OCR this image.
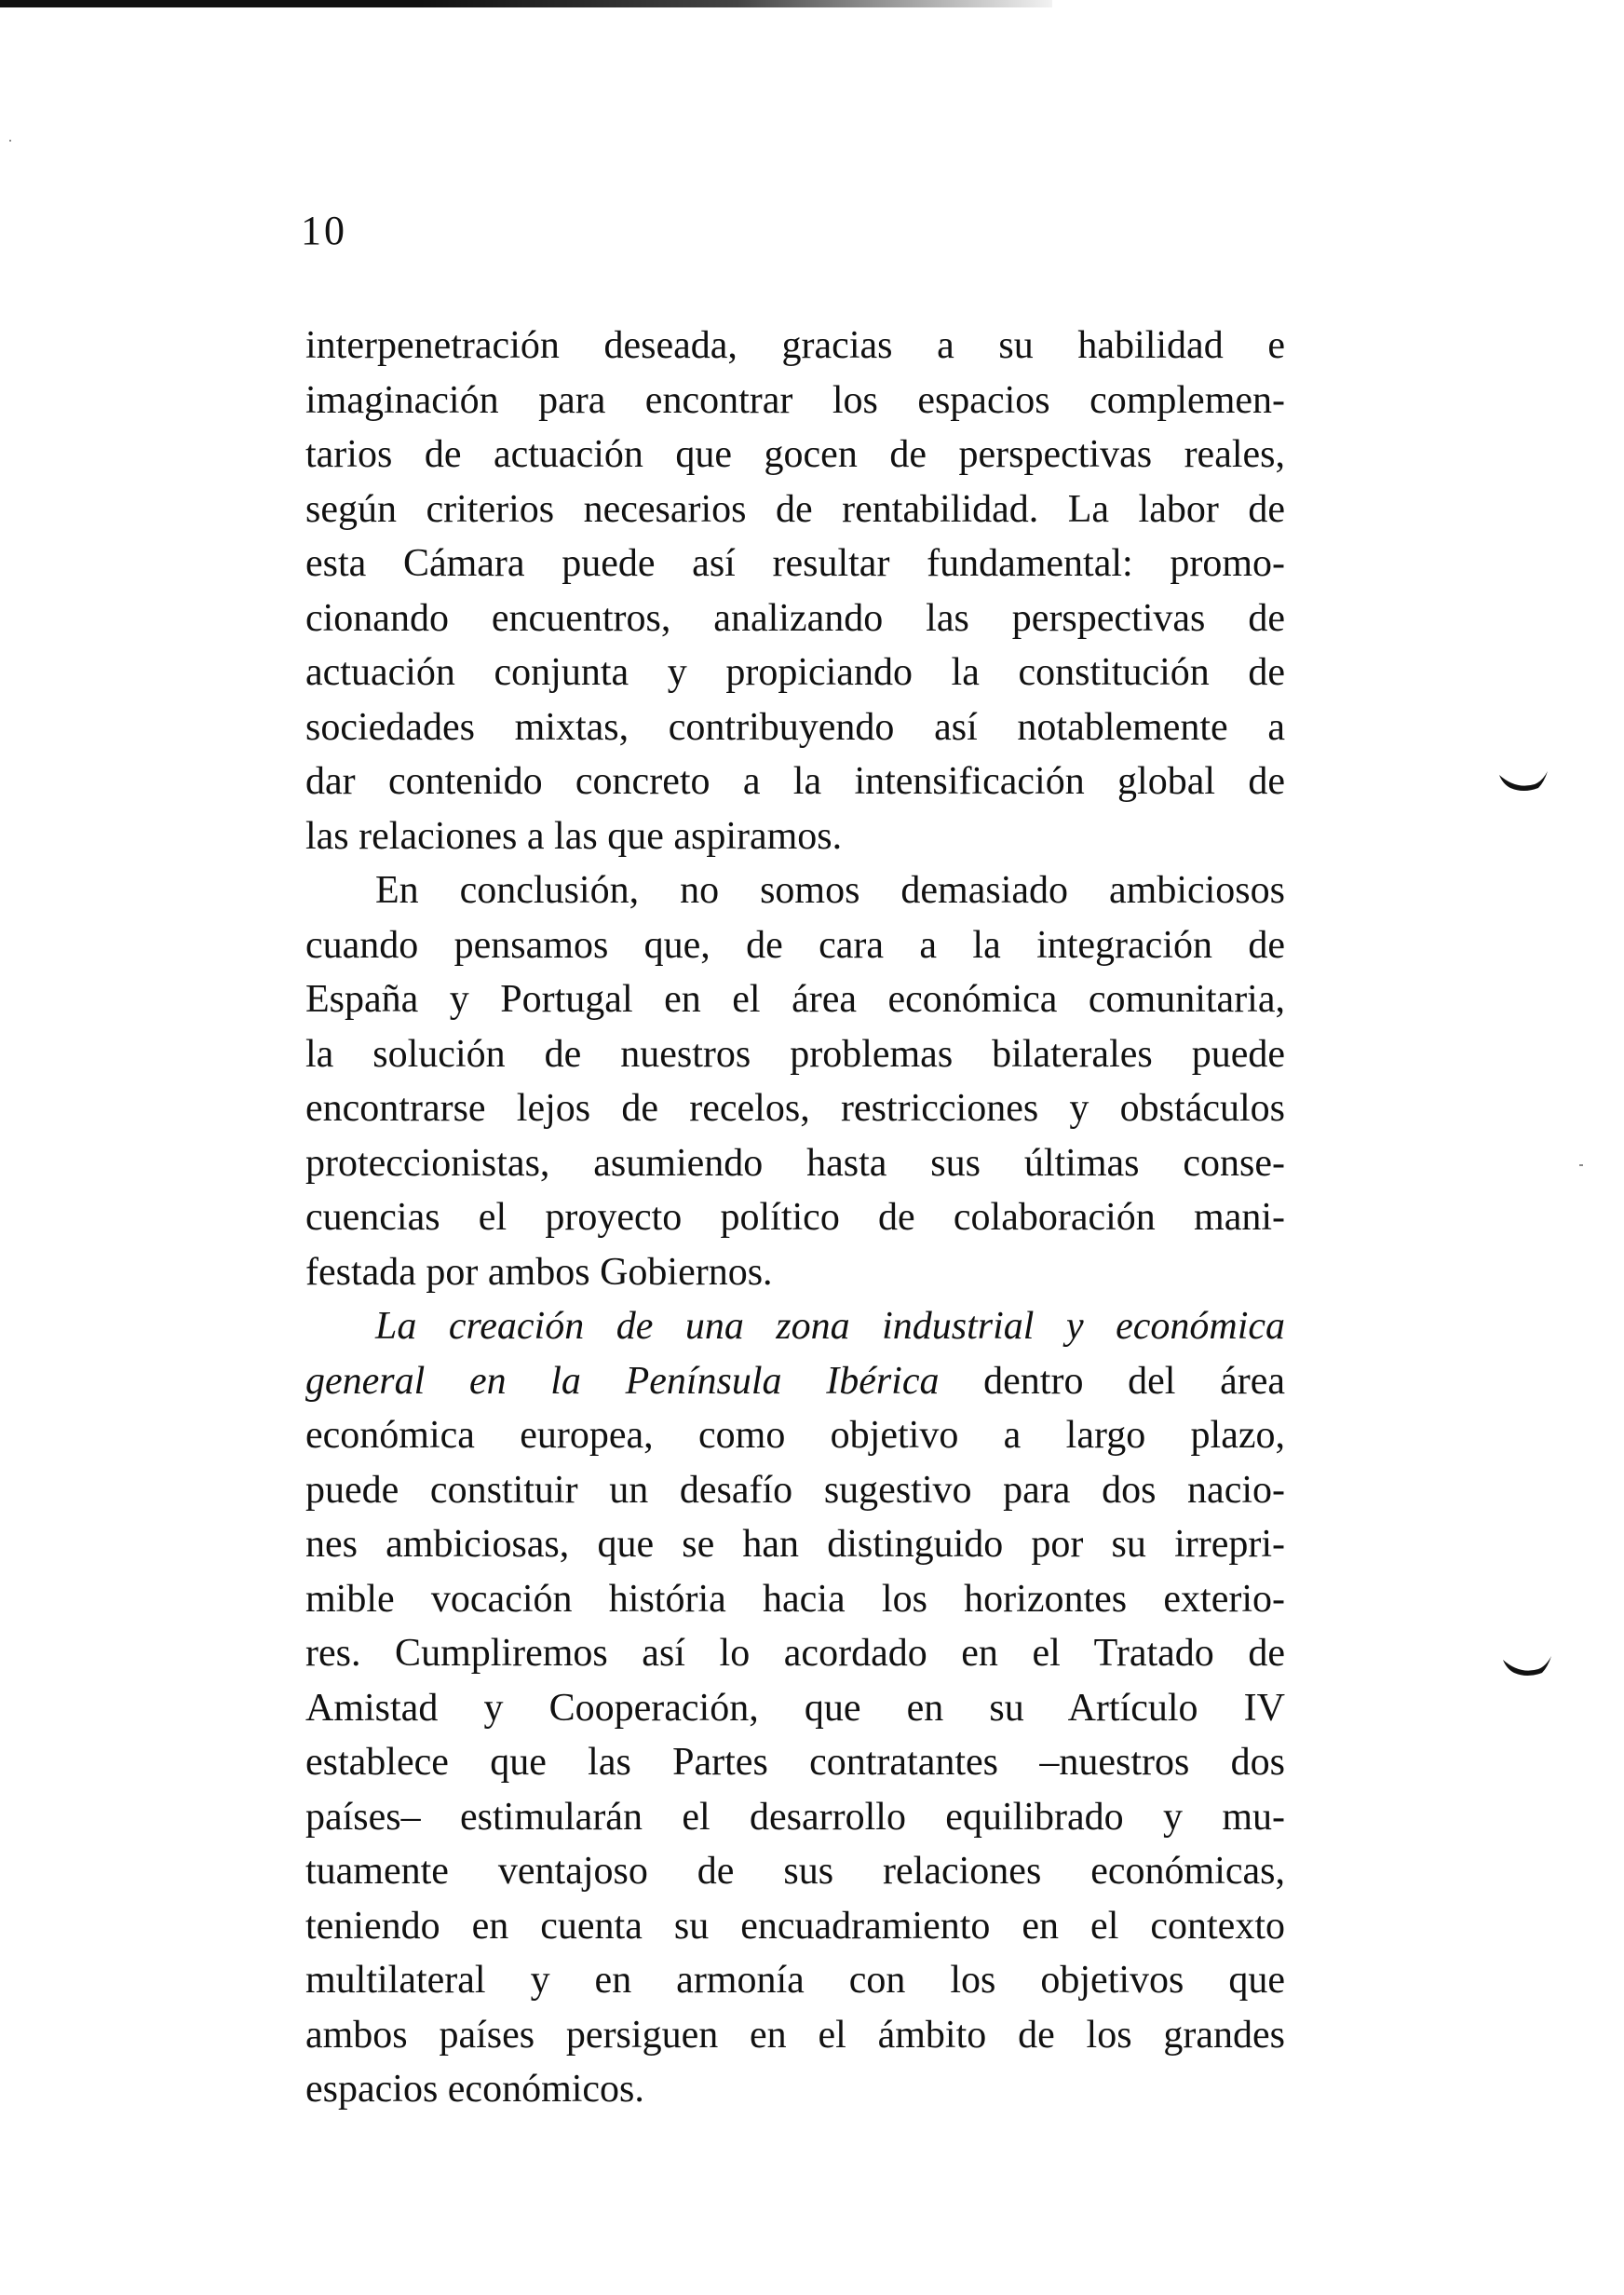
10
interpenetración deseada, gracias a su habilidad e
imaginación para encontrar los espacios complemen-
tarios de actuación que gocen de perspectivas reales,
según criterios necesarios de rentabilidad. La labor de
esta Cámara puede así resultar fundamental: promo-
cionando encuentros, analizando las perspectivas de
actuación conjunta y propiciando la constitución de
sociedades mixtas, contribuyendo así notablemente a
dar contenido concreto a la intensificación global de
las relaciones a las que aspiramos.
En conclusión, no somos demasiado ambiciosos
cuando pensamos que, de cara a la integración de
España y Portugal en el área económica comunitaria,
la solución de nuestros problemas bilaterales puede
encontrarse lejos de recelos, restricciones y obstáculos
proteccionistas, asumiendo hasta sus últimas conse-
cuencias el proyecto político de colaboración mani-
festada por ambos Gobiernos.
La creación de una zona industrial y económica
general en la Península Ibérica dentro del área
económica europea, como objetivo a largo plazo,
puede constituir un desafío sugestivo para dos nacio-
nes ambiciosas, que se han distinguido por su irrepri-
mible vocación história hacia los horizontes exterio-
res. Cumpliremos así lo acordado en el Tratado de
Amistad y Cooperación, que en su Artículo IV
establece que las Partes contratantes –nuestros dos
países– estimularán el desarrollo equilibrado y mu-
tuamente ventajoso de sus relaciones económicas,
teniendo en cuenta su encuadramiento en el contexto
multilateral y en armonía con los objetivos que
ambos países persiguen en el ámbito de los grandes
espacios económicos.
